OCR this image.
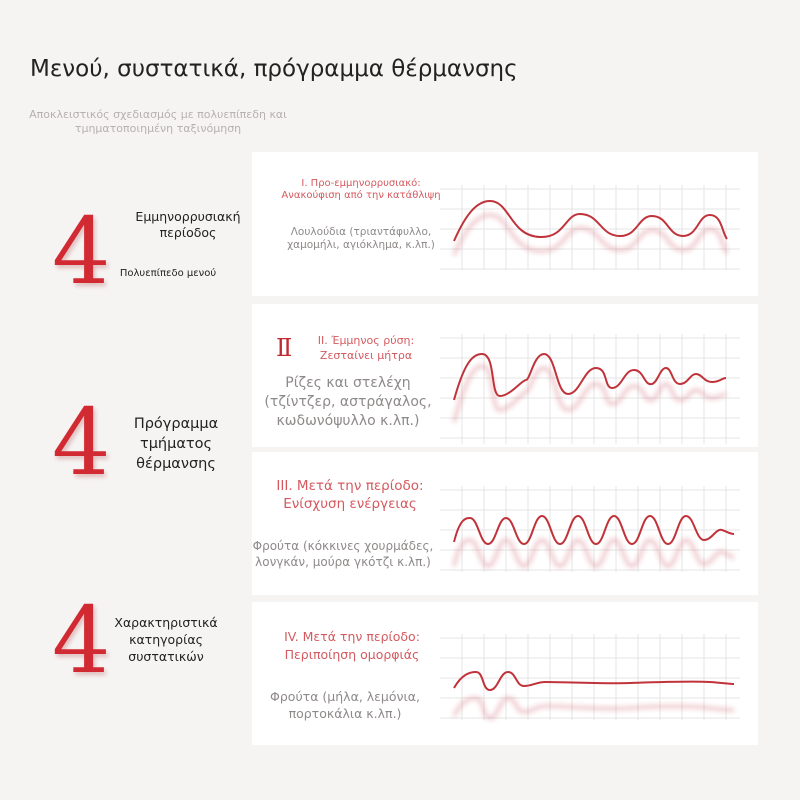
Μενού, συστατικά, πρόγραμμα θέρμανσης
Αποκλειστικός σχεδιασμός με πολυεπίπεδη και τμηματοποιημένη ταξινόμηση
4	Εμμηνορρυσιακή περίοδος
Πολυεπίπεδο μενού
4	Πρόγραμμα τμήματος θέρμανσης
4 Χαρακτηριστικά κατηγορίας συστατικών
I. Προ-εμμηνορρυσιακό: Ανακούφιση από την κατάθλιψη
Λουλούδια (τριαντάφυλλο, χαμομήλι, αγιόκλημα, κ.λπ.)
Ⅱ	II. Έμμηνος ρύση: Ζεσταίνει μήτρα
Ρίζες και στελέχη (τζίντζερ, αστράγαλος, κωδωνόψυλλο κ.λπ.)
III. Μετά την περίοδο: Ενίσχυση ενέργειας
Φρούτα (κόκκινες χουρμάδες, λονγκάν, μούρα γκότζι κ.λπ.)
IV. Μετά την περίοδο: Περιποίηση ομορφιάς
Φρούτα (μήλα, λεμόνια, πορτοκάλια κ.λπ.)
